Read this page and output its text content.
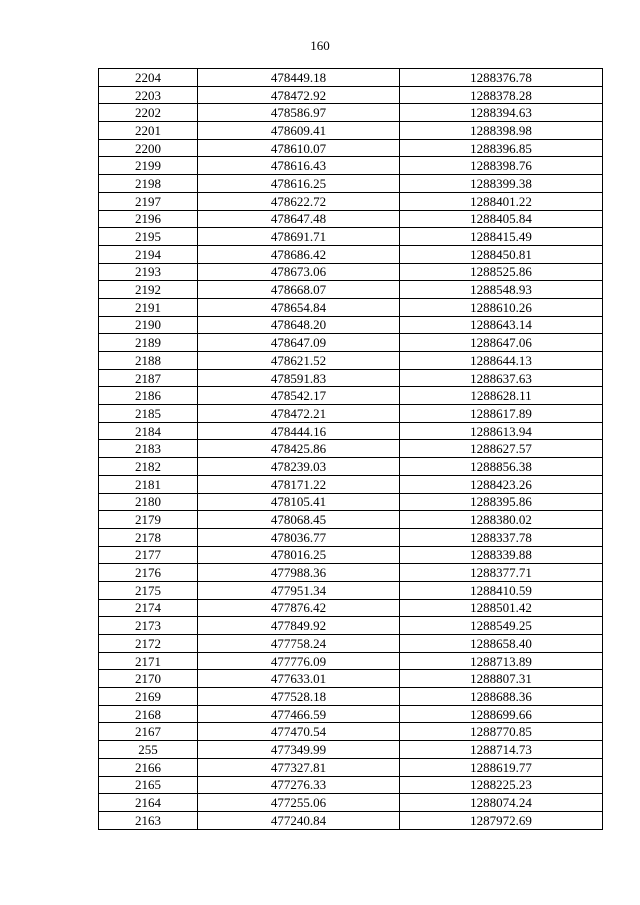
160
2204	478449.18	1288376.78
2203	478472.92	1288378.28
2202	478586.97	1288394.63
2201	478609.41	1288398.98
2200	478610.07	1288396.85
2199	478616.43	1288398.76
2198	478616.25	1288399.38
2197	478622.72	1288401.22
2196	478647.48	1288405.84
2195	478691.71	1288415.49
2194	478686.42	1288450.81
2193	478673.06	1288525.86
2192	478668.07	1288548.93
2191	478654.84	1288610.26
2190	478648.20	1288643.14
2189	478647.09	1288647.06
2188	478621.52	1288644.13
2187	478591.83	1288637.63
2186	478542.17	1288628.11
2185	478472.21	1288617.89
2184	478444.16	1288613.94
2183	478425.86	1288627.57
2182	478239.03	1288856.38
2181	478171.22	1288423.26
2180	478105.41	1288395.86
2179	478068.45	1288380.02
2178	478036.77	1288337.78
2177	478016.25	1288339.88
2176	477988.36	1288377.71
2175	477951.34	1288410.59
2174	477876.42	1288501.42
2173	477849.92	1288549.25
2172	477758.24	1288658.40
2171	477776.09	1288713.89
2170	477633.01	1288807.31
2169	477528.18	1288688.36
2168	477466.59	1288699.66
2167	477470.54	1288770.85
255	477349.99	1288714.73
2166	477327.81	1288619.77
2165	477276.33	1288225.23
2164	477255.06	1288074.24
2163	477240.84	1287972.69
